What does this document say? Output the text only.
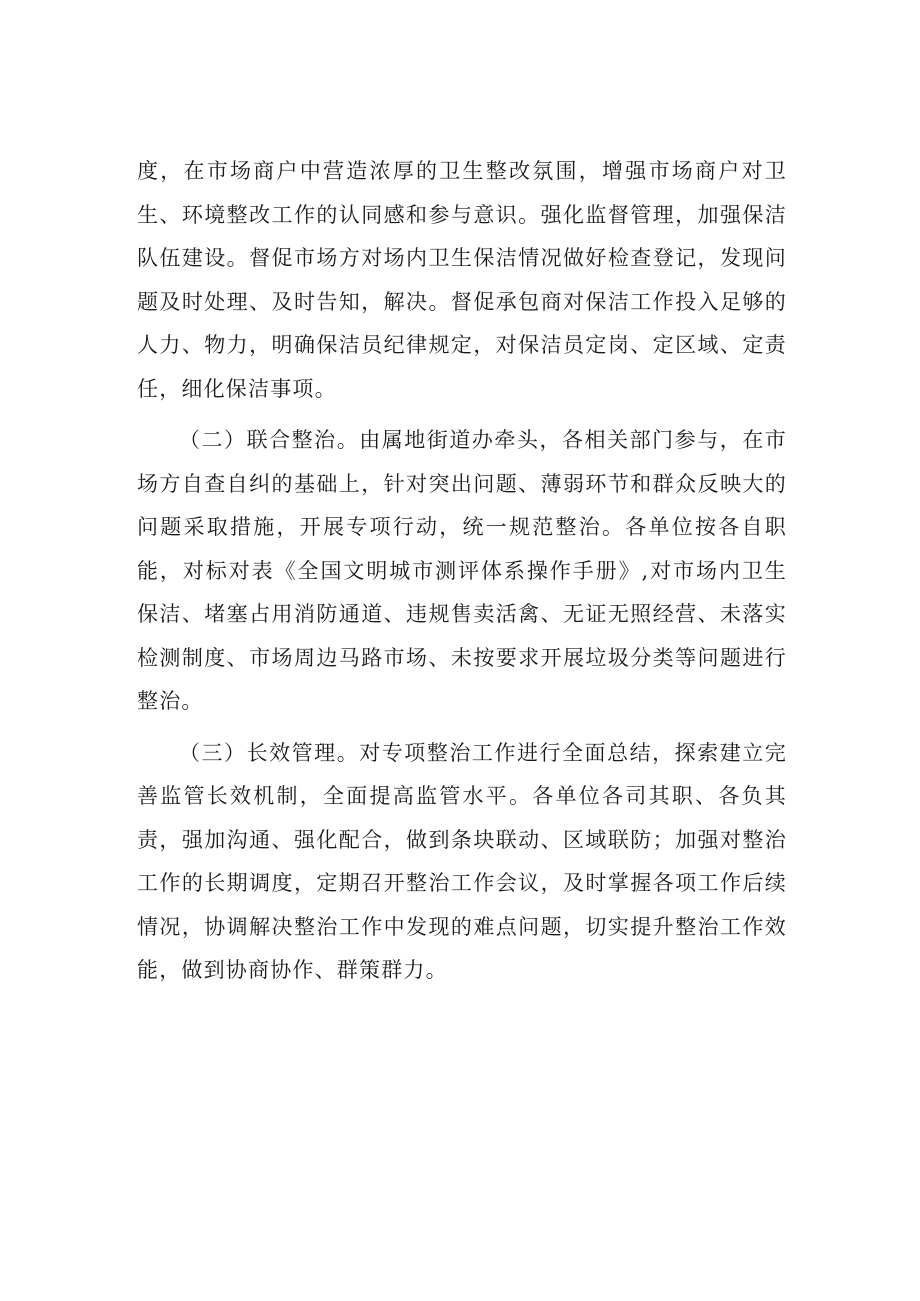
度，在市场商户中营造浓厚的卫生整改氛围，增强市场商户对卫生、环境整改工作的认同感和参与意识。强化监督管理，加强保洁队伍建设。督促市场方对场内卫生保洁情况做好检查登记，发现问题及时处理、及时告知，解决。督促承包商对保洁工作投入足够的人力、物力，明确保洁员纪律规定，对保洁员定岗、定区域、定责任，细化保洁事项。

（二）联合整治。由属地街道办牵头，各相关部门参与，在市场方自查自纠的基础上，针对突出问题、薄弱环节和群众反映大的问题采取措施，开展专项行动，统一规范整治。各单位按各自职能，对标对表《全国文明城市测评体系操作手册》,对市场内卫生保洁、堵塞占用消防通道、违规售卖活禽、无证无照经营、未落实检测制度、市场周边马路市场、未按要求开展垃圾分类等问题进行整治。

（三）长效管理。对专项整治工作进行全面总结，探索建立完善监管长效机制，全面提高监管水平。各单位各司其职、各负其责，强加沟通、强化配合，做到条块联动、区域联防；加强对整治工作的长期调度，定期召开整治工作会议，及时掌握各项工作后续情况，协调解决整治工作中发现的难点问题，切实提升整治工作效能，做到协商协作、群策群力。
